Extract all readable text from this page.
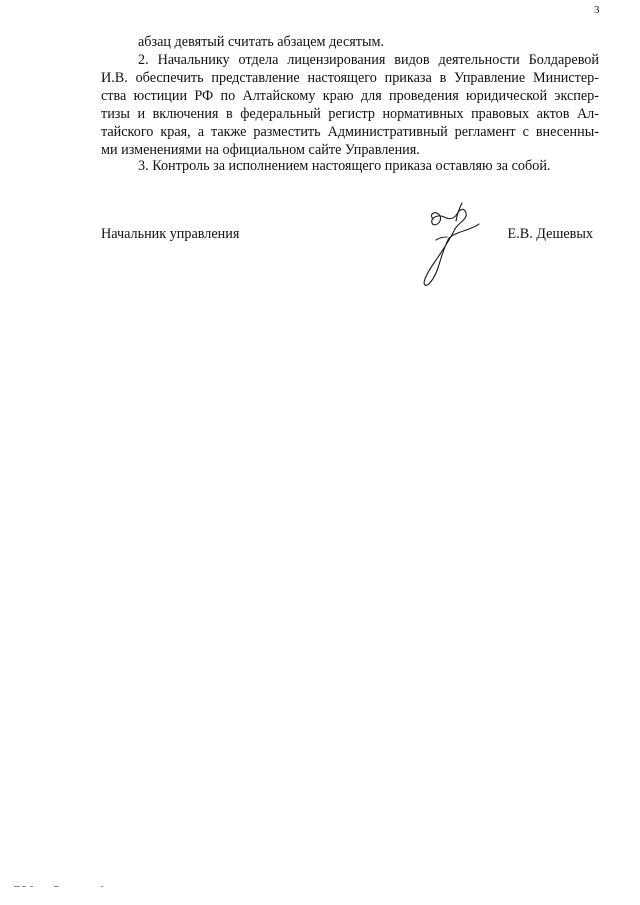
3
абзац девятый считать абзацем десятым.
2. Начальнику отдела лицензирования видов деятельности Болдаревой
И.В. обеспечить представление настоящего приказа в Управление Министер-
ства юстиции РФ по Алтайскому краю для проведения юридической экспер-
тизы и включения в федеральный регистр нормативных правовых актов Ал-
тайского края, а также разместить Административный регламент с внесенны-
ми изменениями на официальном сайте Управления.
3. Контроль за исполнением настоящего приказа оставляю за собой.
Начальник управления	Е.В. Дешевых
